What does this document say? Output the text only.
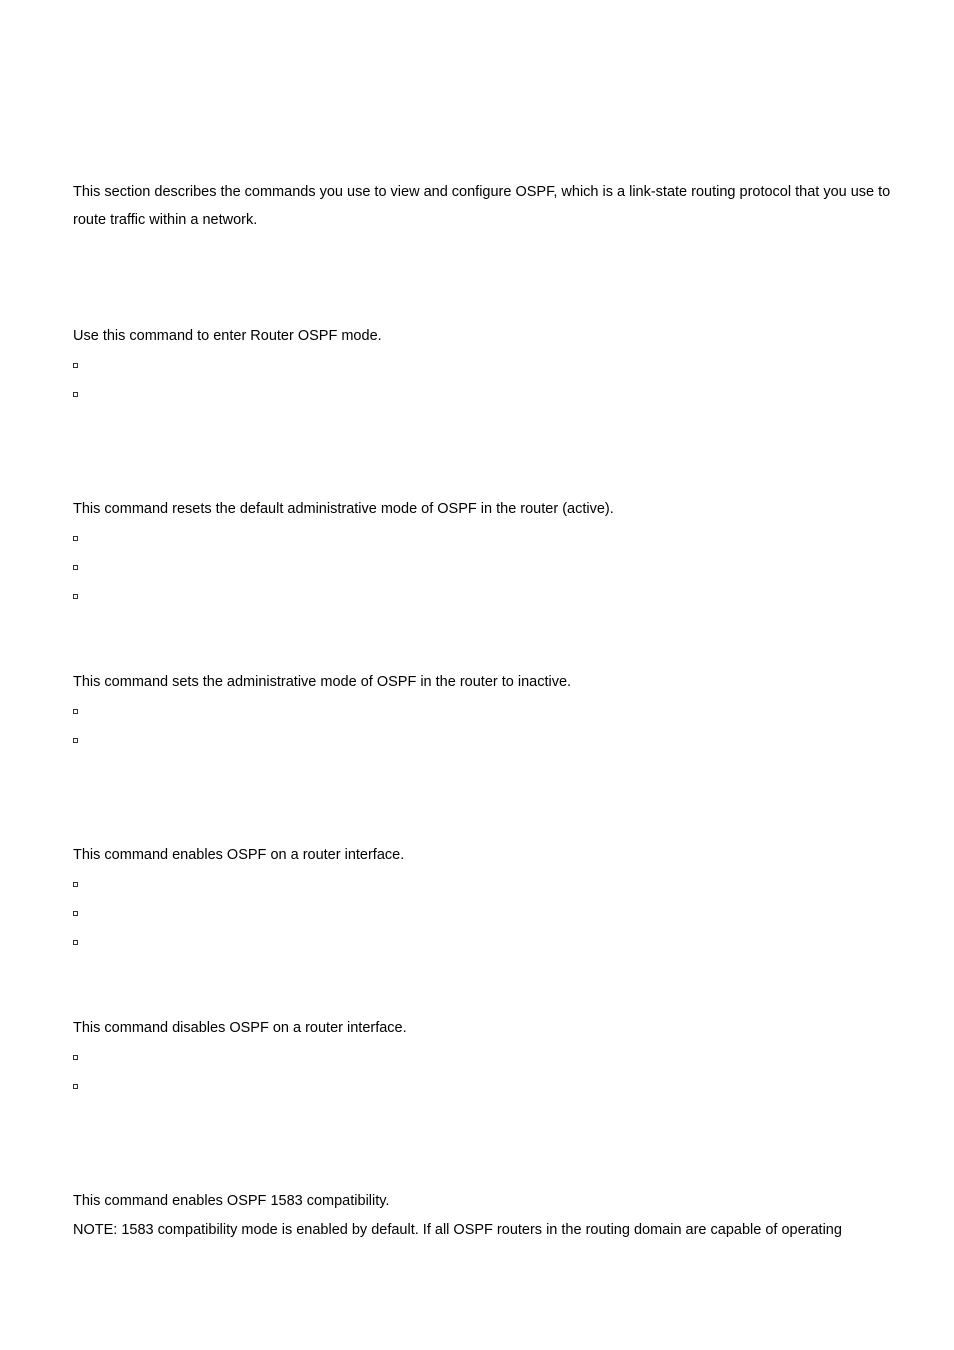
This section describes the commands you use to view and configure OSPF, which is a link-state routing protocol that you use to

route traffic within a network.

Use this command to enter Router OSPF mode.

This command resets the default administrative mode of OSPF in the router (active).

This command sets the administrative mode of OSPF in the router to inactive.

This command enables OSPF on a router interface.

This command disables OSPF on a router interface.

This command enables OSPF 1583 compatibility.

NOTE: 1583 compatibility mode is enabled by default. If all OSPF routers in the routing domain are capable of operating
